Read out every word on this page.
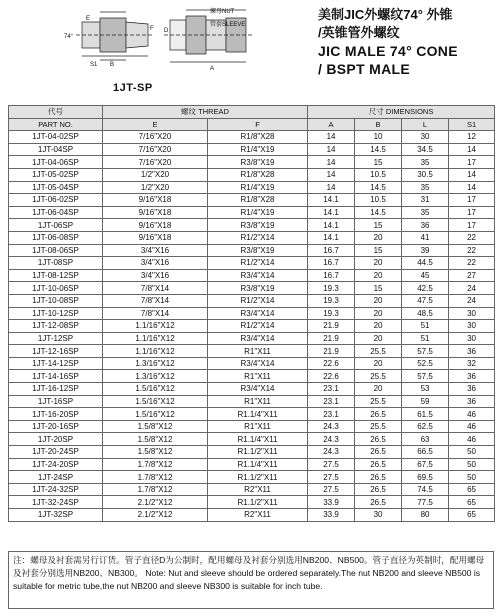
74°
E
F D
B
A
S1
螺母NUT
管套SLEEVE
1JT-SP
美制JIC外螺纹74° 外锥
/英锥管外螺纹
JIC MALE 74° CONE
/ BSPT MALE
代号	螺纹 THREAD		尺寸 DIMENSIONS			
PART NO.	E	F	A	B	L	S1
1JT-04-02SP	7/16"X20	R1/8"X28	14	10	30	12
1JT-04SP	7/16"X20	R1/4"X19	14	14.5	34.5	14
1JT-04-06SP	7/16"X20	R3/8"X19	14	15	35	17
1JT-05-02SP	1/2"X20	R1/8"X28	14	10.5	30.5	14
1JT-05-04SP	1/2"X20	R1/4"X19	14	14.5	35	14
1JT-06-02SP	9/16"X18	R1/8"X28	14.1	10.5	31	17
1JT-06-04SP	9/16"X18	R1/4"X19	14.1	14.5	35	17
1JT-06SP	9/16"X18	R3/8"X19	14.1	15	36	17
1JT-06-08SP	9/16"X18	R1/2"X14	14.1	20	41	22
1JT-08-06SP	3/4"X16	R3/8"X19	16.7	15	39	22
1JT-08SP	3/4"X16	R1/2"X14	16.7	20	44.5	22
1JT-08-12SP	3/4"X16	R3/4"X14	16.7	20	45	27
1JT-10-06SP	7/8"X14	R3/8"X19	19.3	15	42.5	24
1JT-10-08SP	7/8"X14	R1/2"X14	19.3	20	47.5	24
1JT-10-12SP	7/8"X14	R3/4"X14	19.3	20	48.5	30
1JT-12-08SP	1.1/16"X12	R1/2"X14	21.9	20	51	30
1JT-12SP	1.1/16"X12	R3/4"X14	21.9	20	51	30
1JT-12-16SP	1.1/16"X12	R1"X11	21.9	25.5	57.5	36
1JT-14-12SP	1.3/16"X12	R3/4"X14	22.6	20	52.5	32
1JT-14-16SP	1.3/16"X12	R1"X11	22.6	25.5	57.5	36
1JT-16-12SP	1.5/16"X12	R3/4"X14	23.1	20	53	36
1JT-16SP	1.5/16"X12	R1"X11	23.1	25.5	59	36
1JT-16-20SP	1.5/16"X12	R1.1/4"X11	23.1	26.5	61.5	46
1JT-20-16SP	1.5/8"X12	R1"X11	24.3	25.5	62.5	46
1JT-20SP	1.5/8"X12	R1.1/4"X11	24.3	26.5	63	46
1JT-20-24SP	1.5/8"X12	R1.1/2"X11	24.3	26.5	66.5	50
1JT-24-20SP	1.7/8"X12	R1.1/4"X11	27.5	26.5	67.5	50
1JT-24SP	1.7/8"X12	R1.1/2"X11	27.5	26.5	69.5	50
1JT-24-32SP	1.7/8"X12	R2"X11	27.5	26.5	74.5	65
1JT-32-24SP	2.1/2"X12	R1.1/2"X11	33.9	26.5	77.5	65
1JT-32SP	2.1/2"X12	R2"X11	33.9	30	80	65
注：螺母及衬套需另行订货。管子直径D为公制时，配用螺母及衬套分别选用NB200、NB500。管子直径为英制时，配用螺母及衬套分别选用NB200、NB300。 Note: Nut and sleeve should be ordered separately.The nut NB200 and sleeve NB500 is suitable for metric tube,the nut NB200 and sleeve NB300 is suitable for inch tube.
